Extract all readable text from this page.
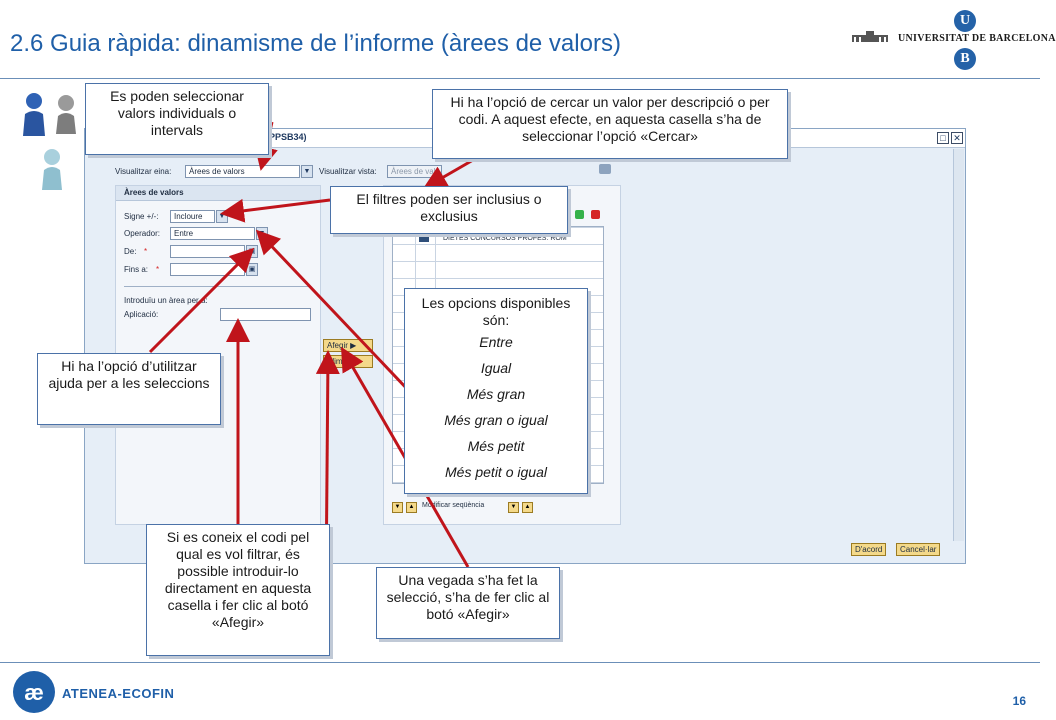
2.6 Guia ràpida: dinamisme de l’informe (àrees de valors)
U
UNIVERSITAT DE BARCELONA
B
PPSB34)	□ ✕
Visualitzar eina:	Àrees de valors	▼	Visualitzar vista:	Àrees de valo
Àrees de valors
Signe +/-:	Incloure	▼
Operador:	Entre	▼
De: *	▣
Fins a: *	▣
Introduïu un àrea per a:
Aplicació:
Afegir ▶
Eliminar
DIETES CONCURSOS PROFES. ROM
▼	▲	Modificar seqüència	▼	▲
D'acord	Cancel·lar
Es poden seleccionar valors individuals o intervals
Hi ha l’opció de cercar un valor per descripció o per codi. A aquest efecte, en aquesta casella s’ha de seleccionar l’opció «Cercar»
El filtres poden ser inclusius o exclusius
Hi ha l’opció d’utilitzar ajuda per a les seleccions
Les opcions disponibles són:
Entre
Igual
Més gran
Més gran o igual
Més petit
Més petit o igual
Si es coneix el codi pel qual es vol filtrar, és possible introduir-lo directament en aquesta casella i fer clic al botó «Afegir»
Una vegada s’ha fet la selecció, s’ha de fer clic al botó «Afegir»
æ ATENEA-ECOFIN	16
